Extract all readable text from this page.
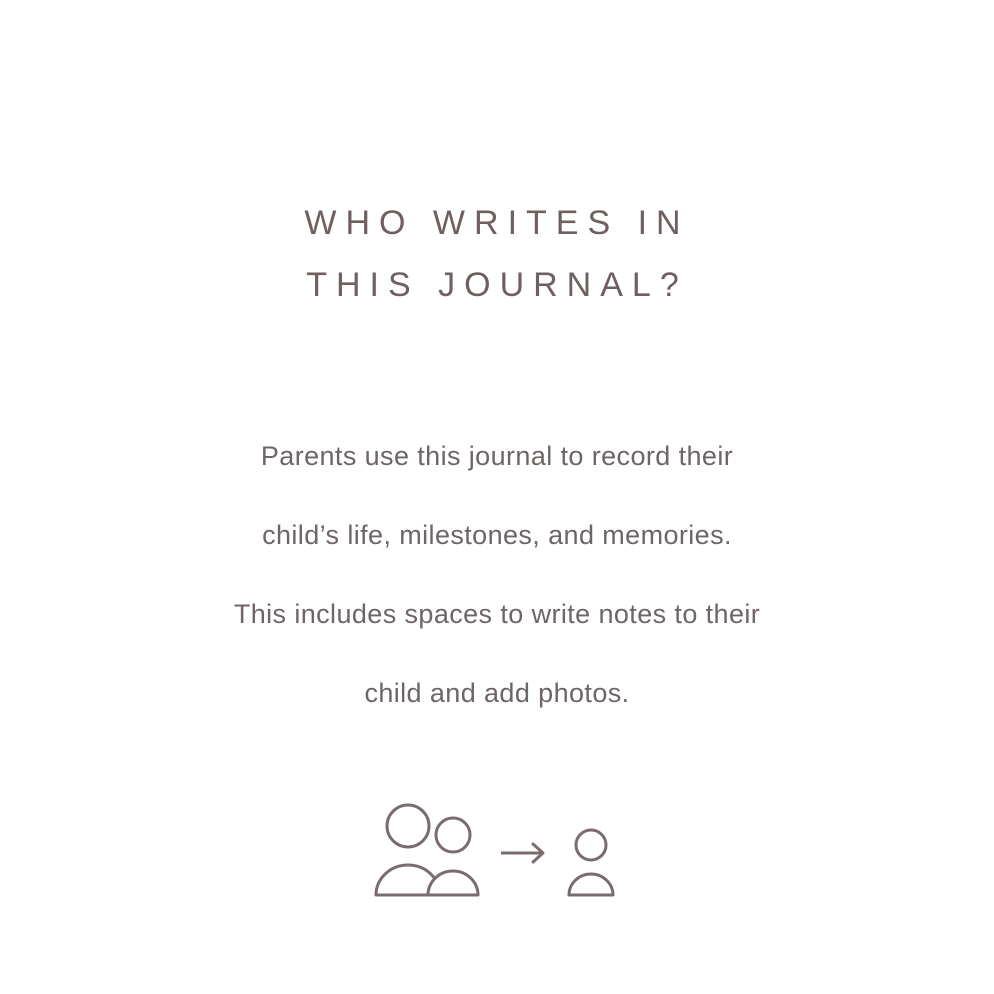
WHO WRITES IN
THIS JOURNAL?
Parents use this journal to record their
child’s life, milestones, and memories.
This includes spaces to write notes to their
child and add photos.
